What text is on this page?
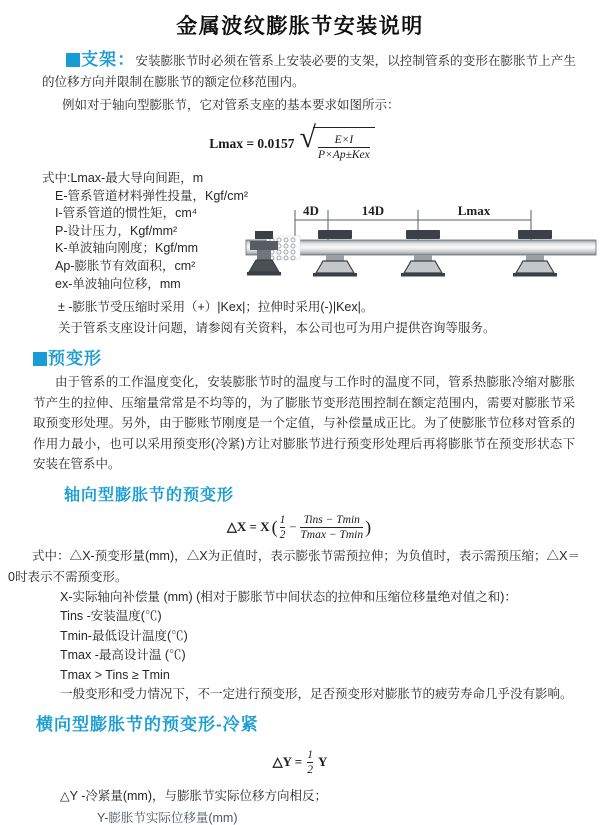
金属波纹膨胀节安装说明

支架：安装膨胀节时必须在管系上安装必要的支架，以控制管系的变形在膨胀节上产生的位移方向并限制在膨胀节的额定位移范围内。

例如对于轴向型膨胀节，它对管系支座的基本要求如图所示：

Lmax = 0.0157 √ $\frac{E\times I}{\text{P×Ap±Kex}}$
式中:Lmax-最大导向间距，m
E-管系管道材料弹性投量，Kgf/cm²
I-管系管道的惯性矩，cm⁴
P-设计压力，Kgf/mm²
K-单波轴向刚度；Kgf/mm
Ap-膨胀节有效面积，cm²
ex-单波轴向位移，mm
± -膨胀节受压缩时采用（+）|Kex|；拉伸时采用(-)|Kex|。
关于管系支座设计问题，请参阅有关资料，本公司也可为用户提供咨询等服务。
4D	14D	Lmax
预变形

由于管系的工作温度变化，安装膨胀节时的温度与工作时的温度不同，管系热膨胀冷缩对膨胀节产生的拉伸、压缩量常常是不均等的，为了膨胀节变形范围控制在额定范围内，需要对膨胀节采取预变形处理。另外，由于膨账节刚度是一个定值，与补偿量成正比。为了使膨胀节位移对管系的作用力最小，也可以采用预变形(冷紧)方让对膨胀节进行预变形处理后再将膨胀节在预变形状态下安装在管系中。

轴向型膨胀节的预变形
△X = X ( $\frac{1}{2} - \frac{\text{Tins − Tmin}}{Tmax - Tmin}$ )

式中：△X-预变形量(mm)，△X为正值时，表示膨张节需预拉伸；为负值时，表示需预压缩；△X＝0时表示不需预变形。

X-实际轴向补偿量 (mm) (相对于膨胀节中间状态的拉伸和压缩位移量绝对值之和)：
Tins -安装温度(℃)
Tmin-最低设计温度(℃)
Tmax -最高设计温 (℃)
Tmax > Tins ≥ Tmin
一般变形和受力情况下，不一定进行预变形，足否预变形对膨胀节的疲劳寿命几乎没有影响。
横向型膨胀节的预变形-冷紧
△Y = $\frac{1}{2}$ Y
△Y -冷紧量(mm)，与膨胀节实际位移方向相反；
Y-膨胀节实际位移量(mm)
